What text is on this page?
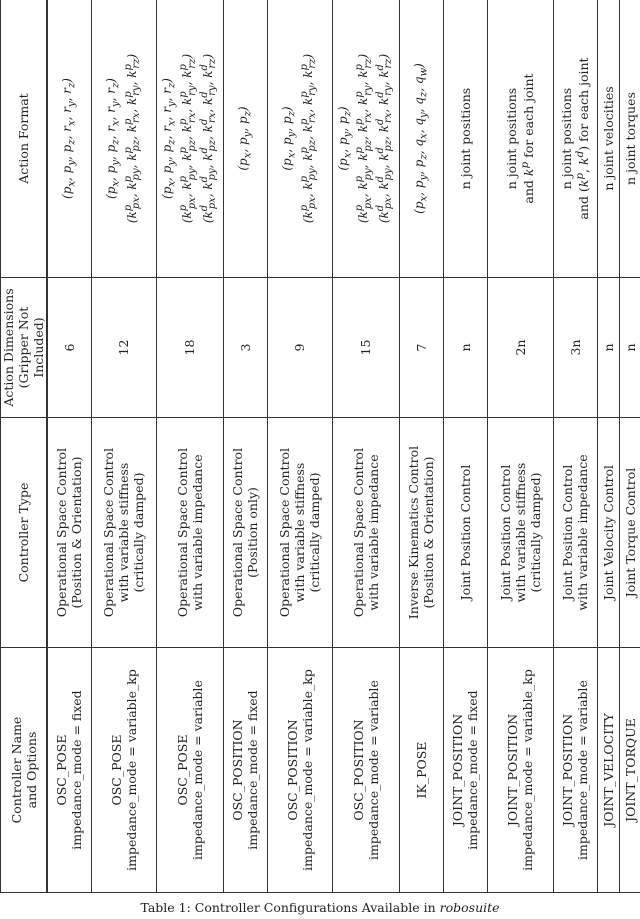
Controller Name
and Options	Controller Type	Action Dimensions
(Gripper Not Included)	Action Format
OSC_POSE
impedance_mode = fixed	Operational Space Control
(Position & Orientation)	6	($p_x$, $p_y$, $p_z$, $r_x$, $r_y$, $r_z$)

OSC_POSE
impedance_mode = variable_kp	Operational Space Control
with variable stiffness
(critically damped)	12	($p_x$, $p_y$, $p_z$, $r_x$, $r_y$, $r_z$)
($k^p_{px}$, $k^p_{py}$, $k^p_{pz}$, $k^p_{rx}$, $k^p_{ry}$, $k^p_{rz}$)

OSC_POSE
impedance_mode = variable	Operational Space Control
with variable impedance	18	($p_x$, $p_y$, $p_z$, $r_x$, $r_y$, $r_z$)
($k^p_{px}$, $k^p_{py}$, $k^p_{pz}$, $k^p_{rx}$, $k^p_{ry}$, $k^p_{rz}$)
($k^d_{px}$, $k^d_{py}$, $k^d_{pz}$, $k^d_{rx}$, $k^d_{ry}$, $k^d_{rz}$)

OSC_POSITION
impedance_mode = fixed	Operational Space Control
(Position only)	3	($p_x$, $p_y$, $p_z$)

OSC_POSITION
impedance_mode = variable_kp	Operational Space Control
with variable stiffness
(critically damped)	9	($p_x$, $p_y$, $p_z$)
($k^p_{px}$, $k^p_{py}$, $k^p_{pz}$, $k^p_{rx}$, $k^p_{ry}$, $k^p_{rz}$)

OSC_POSITION
impedance_mode = variable	Operational Space Control
with variable impedance	15	($p_x$, $p_y$, $p_z$)
($k^p_{px}$, $k^p_{py}$, $k^p_{pz}$, $k^p_{rx}$, $k^p_{ry}$, $k^p_{rz}$)
($k^d_{px}$, $k^d_{py}$, $k^d_{pz}$, $k^d_{rx}$, $k^d_{ry}$, $k^d_{rz}$)

IK_POSE	Inverse Kinematics Control
(Position & Orientation)	7	($p_x$, $p_y$, $p_z$, $q_x$, $q_y$, $q_z$, $q_w$)

JOINT_POSITION
impedance_mode = fixed	Joint Position Control	n	n joint positions

JOINT_POSITION
impedance_mode = variable_kp	Joint Position Control
with variable stiffness
(critically damped)	2n	n joint positions
and $k^p$ for each joint

JOINT_POSITION
impedance_mode = variable	Joint Position Control
with variable impedance	3n	n joint positions
and ($k^p$, $k^d$) for each joint

JOINT_VELOCITY	Joint Velocity Control	n	n joint velocities

JOINT_TORQUE	Joint Torque Control	n	n joint torques
Table 1: Controller Configurations Available in robosuite
